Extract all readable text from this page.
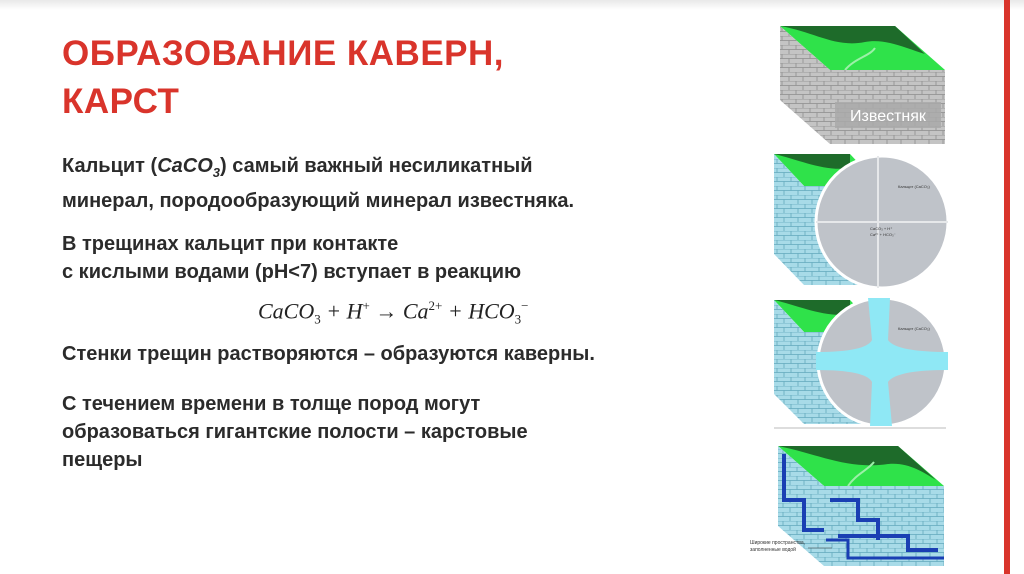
ОБРАЗОВАНИЕ КАВЕРН,
КАРСТ
Кальцит (CaCO$_3$) самый важный несиликатный
минерал, породообразующий минерал известняка.
В трещинах кальцит при контакте
с кислыми водами (pH<7) вступает в реакцию
CaCO$_3$ + $H^+ \to Ca^{2+} + HCO_3^-$
Стенки трещин растворяются – образуются каверны.
С течением времени в толще пород могут
образоваться гигантские полости – карстовые
пещеры
Известняк
Кальцит (CaCO₃)
CaCO₃ + H⁺
Ca²⁺ + HCO₃⁻
Кальцит (CaCO₃)
Широкие пространства,
заполненные водой
